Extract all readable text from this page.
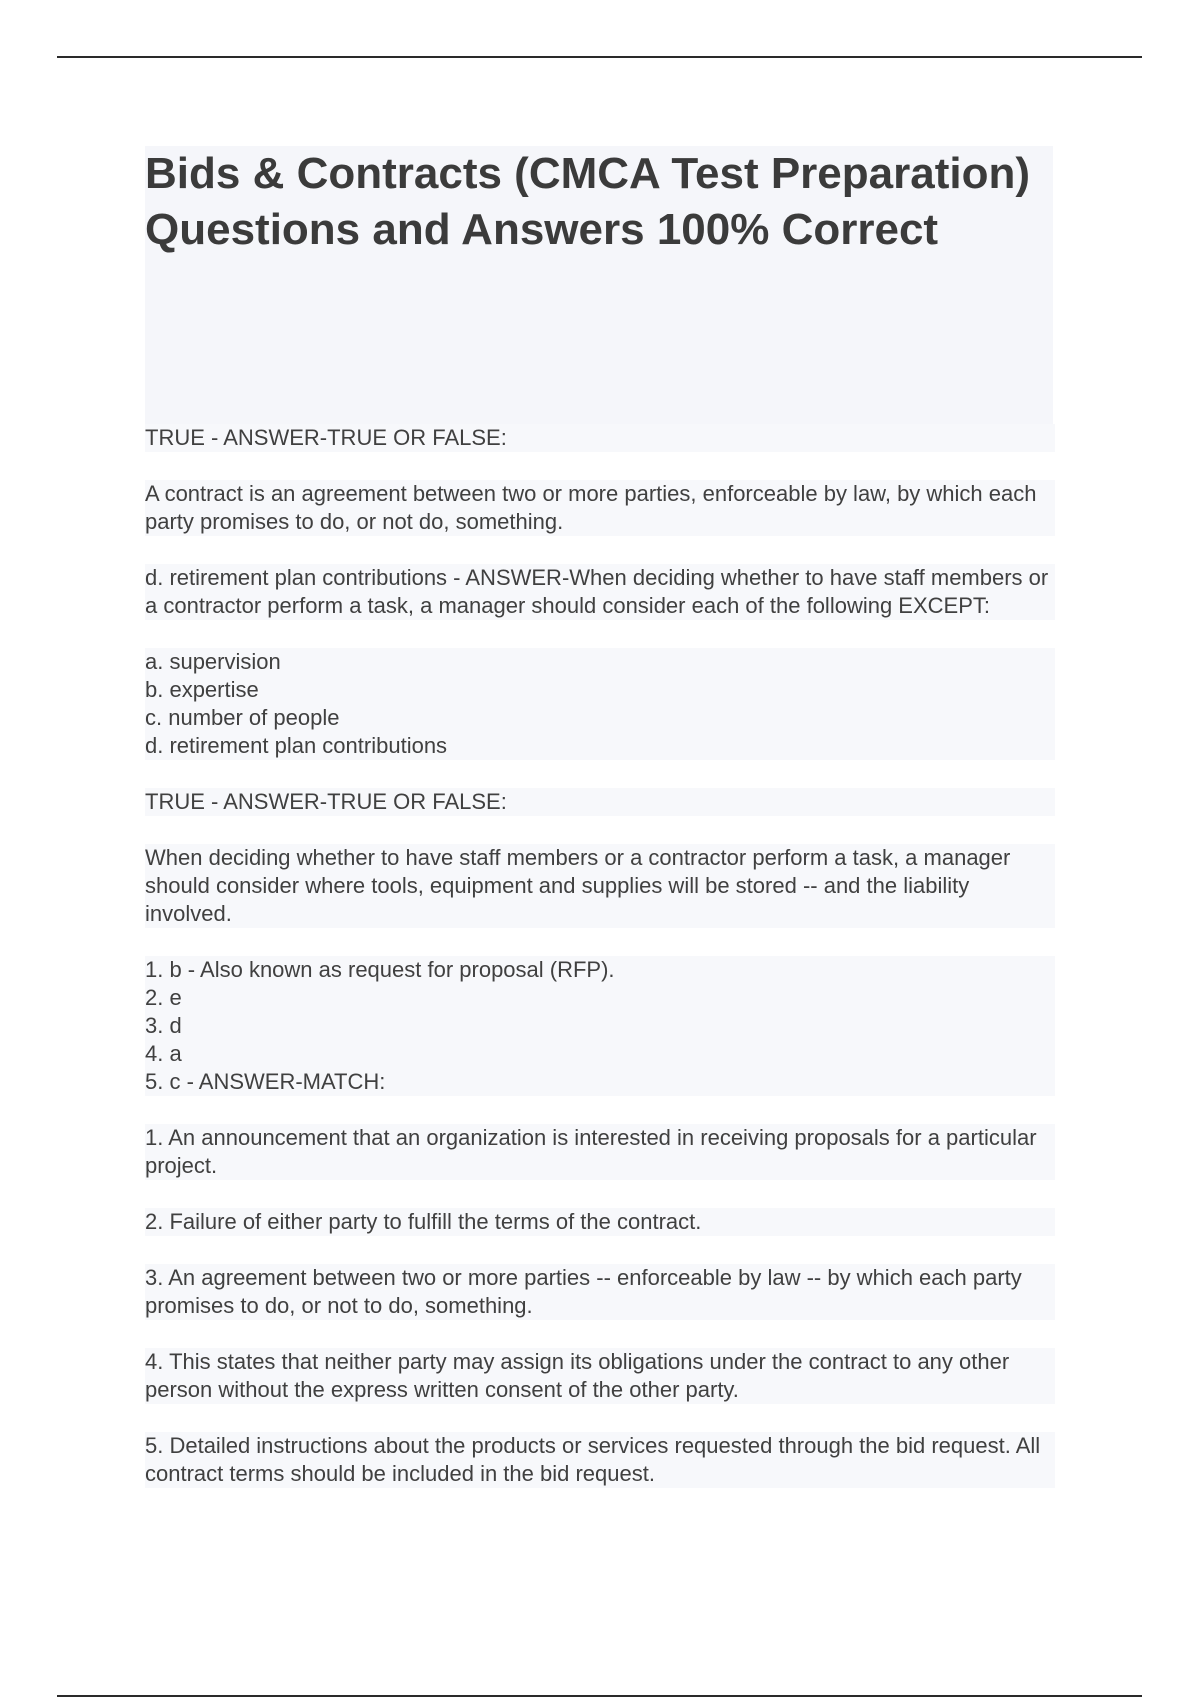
Bids & Contracts (CMCA Test Preparation) Questions and Answers 100% Correct

TRUE - ANSWER-TRUE OR FALSE:

A contract is an agreement between two or more parties, enforceable by law, by which each party promises to do, or not do, something.

d. retirement plan contributions - ANSWER-When deciding whether to have staff members or a contractor perform a task, a manager should consider each of the following EXCEPT:

a. supervision
b. expertise
c. number of people
d. retirement plan contributions

TRUE - ANSWER-TRUE OR FALSE:

When deciding whether to have staff members or a contractor perform a task, a manager should consider where tools, equipment and supplies will be stored -- and the liability involved.

1. b - Also known as request for proposal (RFP).
2. e
3. d
4. a
5. c - ANSWER-MATCH:

1. An announcement that an organization is interested in receiving proposals for a particular project.

2. Failure of either party to fulfill the terms of the contract.

3. An agreement between two or more parties -- enforceable by law -- by which each party promises to do, or not to do, something.

4. This states that neither party may assign its obligations under the contract to any other person without the express written consent of the other party.

5. Detailed instructions about the products or services requested through the bid request. All contract terms should be included in the bid request.
